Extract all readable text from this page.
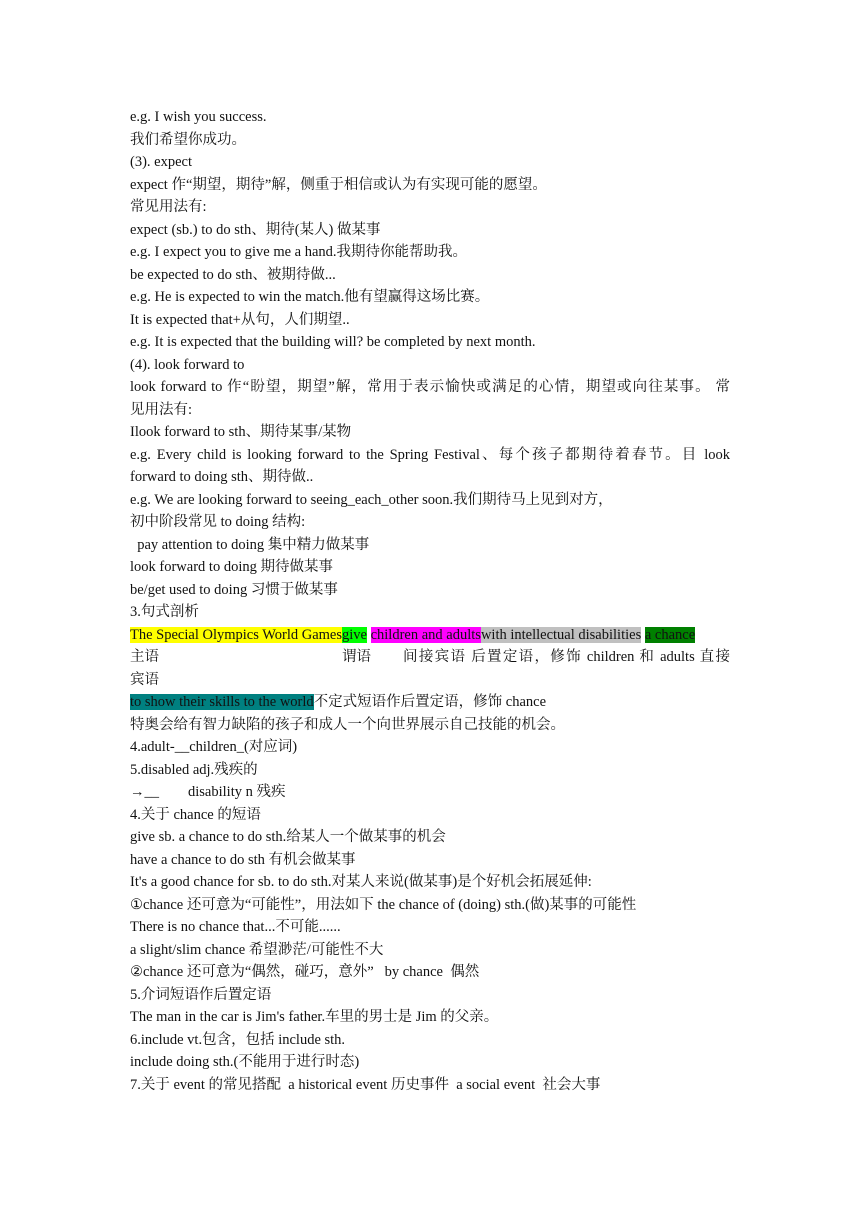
e.g. I wish you success.
我们希望你成功。
(3). expect
expect 作“期望，期待”解，侧重于相信或认为有实现可能的愿望。
常见用法有:
expect (sb.) to do sth、期待(某人) 做某事
e.g. I expect you to give me a hand.我期待你能帮助我。
be expected to do sth、被期待做...
e.g. He is expected to win the match.他有望赢得这场比赛。
It is expected that+从句，人们期望..
e.g. It is expected that the building will? be completed by next month.
(4). look forward to
look forward to 作“盼望，期望”解，常用于表示愉快或满足的心情，期望或向往某事。 常
见用法有:
Ilook forward to sth、期待某事/某物
e.g. Every child is looking forward to the Spring Festival、每个孩子都期待着春节。目 look
forward to doing sth、期待做..
e.g. We are looking forward to seeing_each_other soon.我们期待马上见到对方，
初中阶段常见 to doing 结构:
pay attention to doing 集中精力做某事
look forward to doing 期待做某事
be/get used to doing 习惯于做某事
3.句式剖析
The Special Olympics World Gamesgive children and adultswith intellectual disabilities a chance
主语	谓语 间接宾语 后置定语，修饰 children 和 adults 直接
宾语
to show their skills to the world不定式短语作后置定语，修饰 chance
特奥会给有智力缺陷的孩子和成人一个向世界展示自己技能的机会。
4.adult-__children_(对应词)
5.disabled adj.残疾的
→__        disability n 残疾
4.关于 chance 的短语
give sb. a chance to do sth.给某人一个做某事的机会
have a chance to do sth 有机会做某事
It's a good chance for sb. to do sth.对某人来说(做某事)是个好机会拓展延伸:
①chance 还可意为“可能性”，用法如下 the chance of (doing) sth.(做)某事的可能性
There is no chance that...不可能......
a slight/slim chance 希望渺茫/可能性不大
②chance 还可意为“偶然，碰巧，意外”   by chance  偶然
5.介词短语作后置定语
The man in the car is Jim's father.车里的男士是 Jim 的父亲。
6.include vt.包含，包括 include sth.
include doing sth.(不能用于进行时态)
7.关于 event 的常见搭配  a historical event 历史事件  a social event  社会大事
